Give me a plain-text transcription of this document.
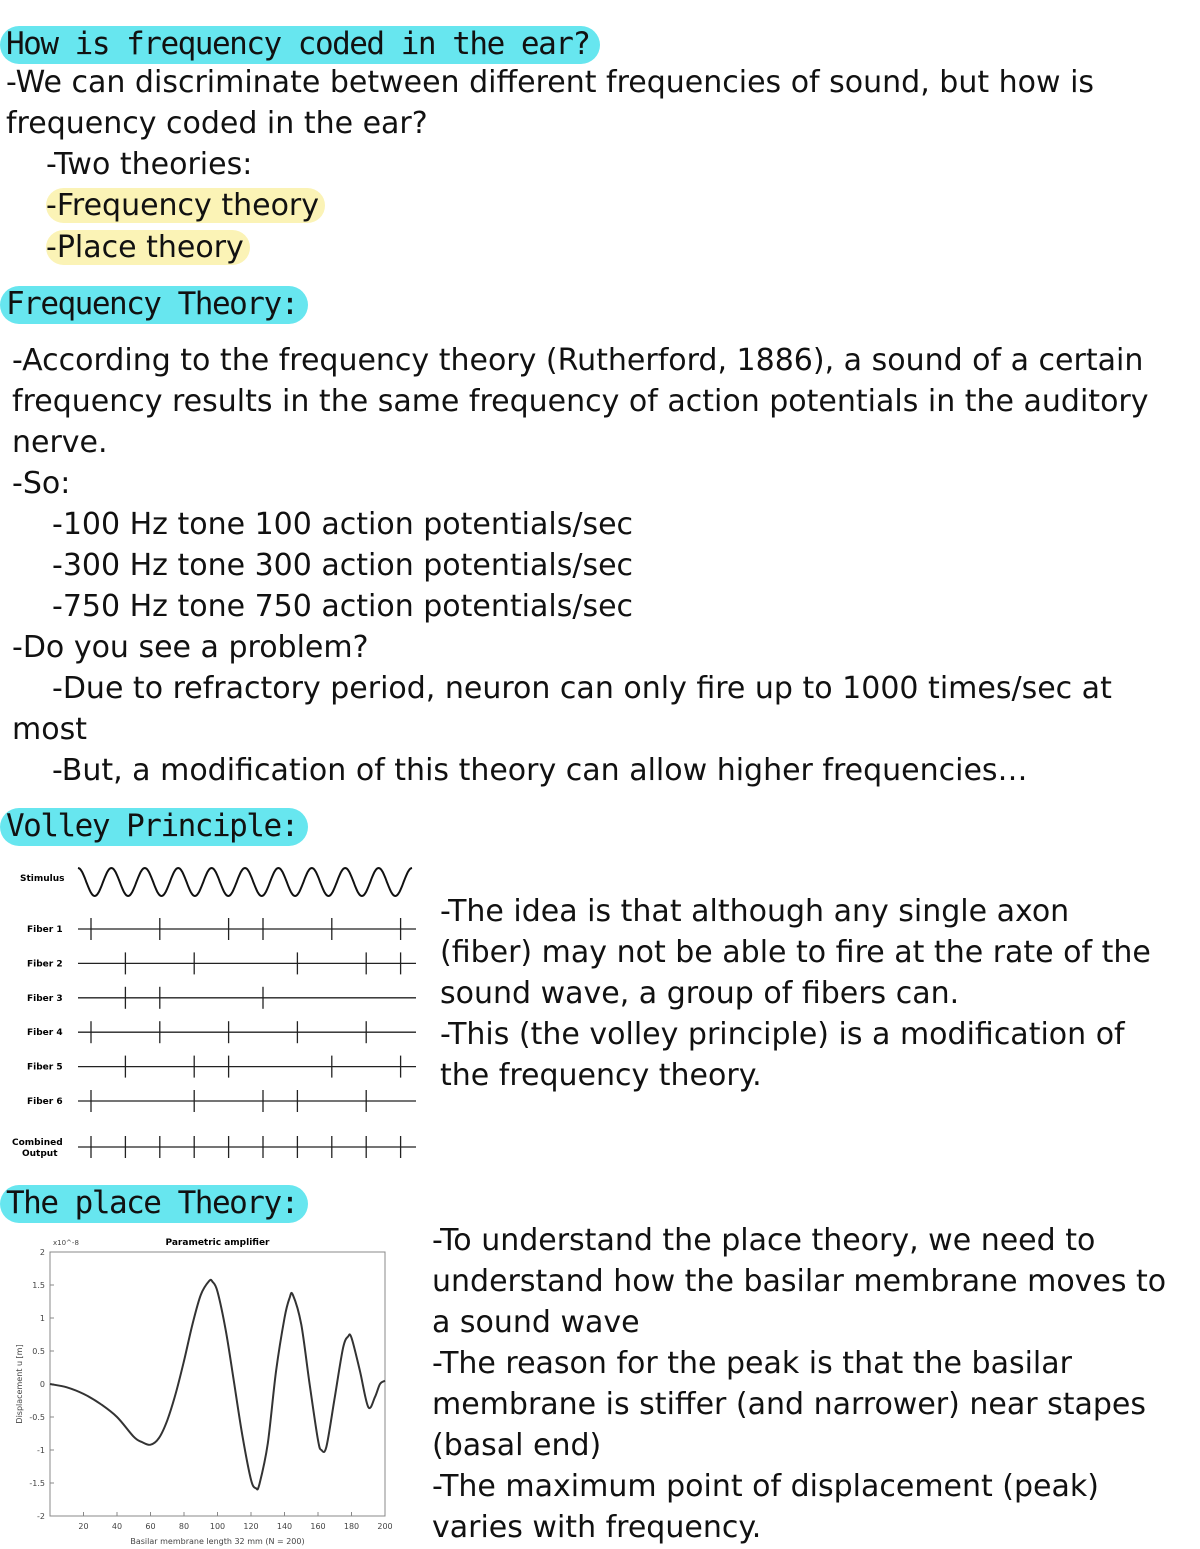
How is frequency coded in the ear?
-We can discriminate between different frequencies of sound, but how is
frequency coded in the ear?
-Two theories:
-Frequency theory
-Place theory
Frequency Theory:
-According to the frequency theory (Rutherford, 1886), a sound of a certain
frequency results in the same frequency of action potentials in the auditory
nerve.
-So:
-100 Hz tone 100 action potentials/sec
-300 Hz tone 300 action potentials/sec
-750 Hz tone 750 action potentials/sec
-Do you see a problem?
-Due to refractory period, neuron can only fire up to 1000 times/sec at
most
-But, a modification of this theory can allow higher frequencies…
Volley Principle:
Stimulus
Fiber 1
Fiber 2
Fiber 3
Fiber 4
Fiber 5
Fiber 6
Combined
Output
-The idea is that although any single axon
(fiber) may not be able to fire at the rate of the
sound wave, a group of fibers can.
-This (the volley principle) is a modification of
the frequency theory.
The place Theory:
Parametric amplifier
x10^-8
2
1.5
1
0.5
0
-0.5
-1
-1.5
-2
20	40	60	80	100 120 140 160 180 200
Basilar membrane length 32 mm (N = 200)
Displacement u [m]
-To understand the place theory, we need to
understand how the basilar membrane moves to
a sound wave
-The reason for the peak is that the basilar
membrane is stiffer (and narrower) near stapes
(basal end)
-The maximum point of displacement (peak)
varies with frequency.
